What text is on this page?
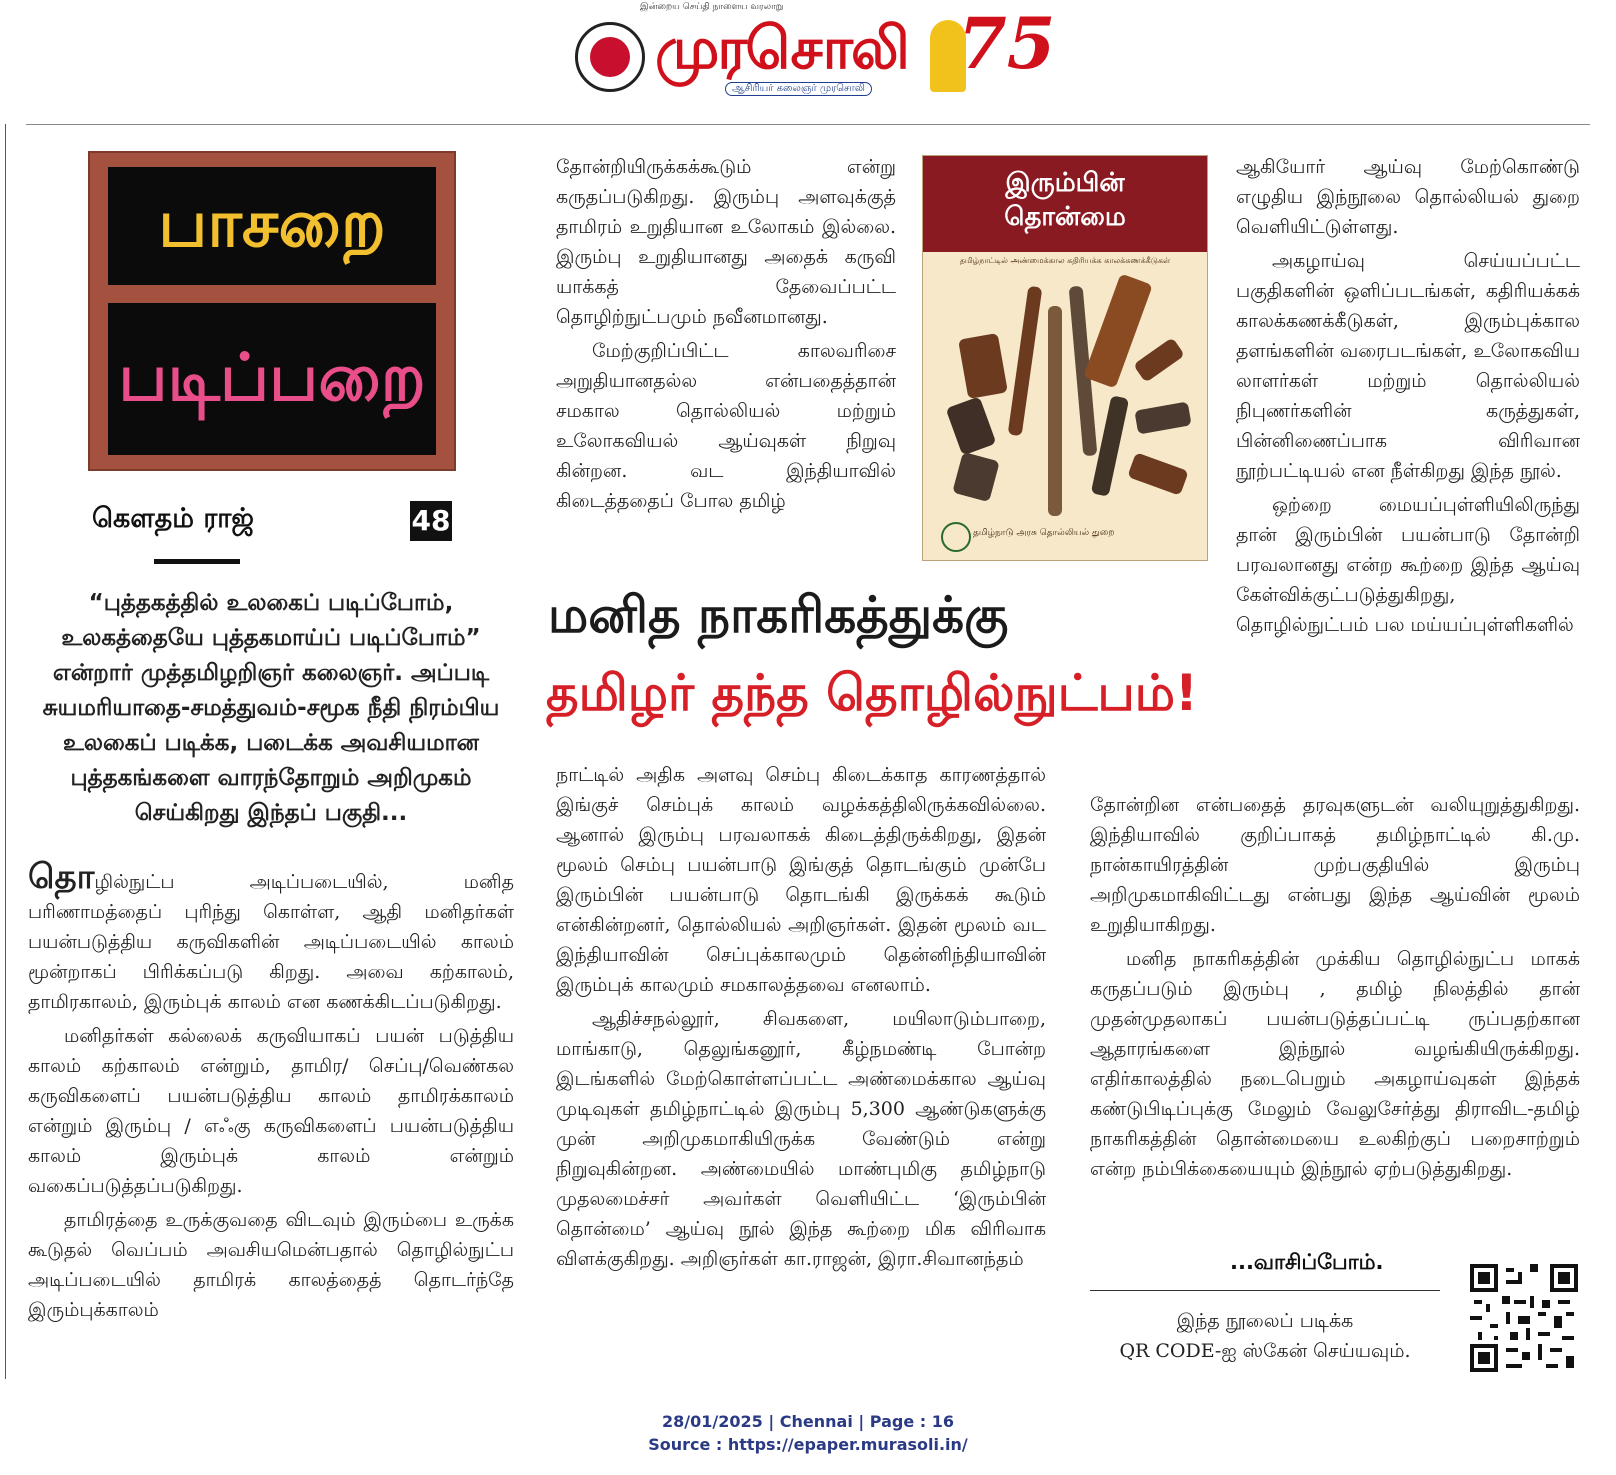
இன்றைய செய்தி நாளைய வரலாறு
முரசொலி
ஆசிரியர் கலைஞர் முரசொலி
75
பாசறை
படிப்பறை
கௌதம் ராஜ்	48
“புத்தகத்தில் உலகைப் படிப்போம், உலகத்தையே புத்தகமாய்ப் படிப்போம்” என்றார் முத்தமிழறிஞர் கலைஞர். அப்படி சுயமரியாதை-சமத்துவம்-சமூக நீதி நிரம்பிய உலகைப் படிக்க, படைக்க அவசியமான புத்தகங்களை வாரந்தோறும் அறிமுகம் செய்கிறது இந்தப் பகுதி...

தொழில்நுட்ப அடிப்படையில், மனித பரிணாமத்தைப் புரிந்து கொள்ள, ஆதி மனிதர்கள் பயன்படுத்திய கருவிகளின் அடிப்படையில் காலம் மூன்றாகப் பிரிக்கப்படு கிறது. அவை கற்காலம், தாமிரகாலம், இரும்புக் காலம் என கணக்கிடப்படுகிறது.

மனிதர்கள் கல்லைக் கருவியாகப் பயன் படுத்திய காலம் கற்காலம் என்றும், தாமிர/ செப்பு/வெண்கல கருவிகளைப் பயன்படுத்திய காலம் தாமிரக்காலம் என்றும் இரும்பு / எஃகு கருவிகளைப் பயன்படுத்திய காலம் இரும்புக் காலம் என்றும் வகைப்படுத்தப்படுகிறது.

தாமிரத்தை உருக்குவதை விடவும் இரும்பை உருக்க கூடுதல் வெப்பம் அவசியமென்பதால் தொழில்நுட்ப அடிப்படையில் தாமிரக் காலத்தைத் தொடர்ந்தே இரும்புக்காலம்

தோன்றியிருக்கக்கூடும் என்று கருதப்படுகிறது. இரும்பு அளவுக்குத் தாமிரம் உறுதியான உலோகம் இல்லை. இரும்பு உறுதியானது அதைக் கருவி யாக்கத் தேவைப்பட்ட தொழிற்நுட்பமும் நவீனமானது.

மேற்குறிப்பிட்ட காலவரிசை அறுதியானதல்ல என்பதைத்தான் சமகால தொல்லியல் மற்றும் உலோகவியல் ஆய்வுகள் நிறுவு கின்றன. வட இந்தியாவில் கிடைத்ததைப் போல தமிழ்

இரும்பின்
தொன்மை
தமிழ்நாட்டில் அண்மைக்கால கதிரியக்க காலக்கணக்கீடுகள்
தமிழ்நாடு அரசு தொல்லியல் துறை

ஆகியோர் ஆய்வு மேற்கொண்டு எழுதிய இந்நூலை தொல்லியல் துறை வெளியிட்டுள்ளது.

அகழாய்வு செய்யப்பட்ட பகுதிகளின் ஒளிப்படங்கள், கதிரியக்கக் காலக்கணக்கீடுகள், இரும்புக்கால தளங்களின் வரைபடங்கள், உலோகவிய லாளர்கள் மற்றும் தொல்லியல் நிபுணர்களின் கருத்துகள், பின்னிணைப்பாக விரிவான நூற்பட்டியல் என நீள்கிறது இந்த நூல்.

ஒற்றை மையப்புள்ளியிலிருந்து தான் இரும்பின் பயன்பாடு தோன்றி பரவலானது என்ற கூற்றை இந்த ஆய்வு கேள்விக்குட்படுத்துகிறது, தொழில்நுட்பம் பல மய்யப்புள்ளிகளில்

மனித நாகரிகத்துக்கு
தமிழர் தந்த தொழில்நுட்பம்!

நாட்டில் அதிக அளவு செம்பு கிடைக்காத காரணத்தால் இங்குச் செம்புக் காலம் வழக்கத்திலிருக்கவில்லை. ஆனால் இரும்பு பரவலாகக் கிடைத்திருக்கிறது, இதன் மூலம் செம்பு பயன்பாடு இங்குத் தொடங்கும் முன்பே இரும்பின் பயன்பாடு தொடங்கி இருக்கக் கூடும் என்கின்றனர், தொல்லியல் அறிஞர்கள். இதன் மூலம் வட இந்தியாவின் செப்புக்காலமும் தென்னிந்தியாவின் இரும்புக் காலமும் சமகாலத்தவை எனலாம்.

ஆதிச்சநல்லூர், சிவகளை, மயிலாடும்பாறை, மாங்காடு, தெலுங்கனூர், கீழ்நமண்டி போன்ற இடங்களில் மேற்கொள்ளப்பட்ட அண்மைக்கால ஆய்வு முடிவுகள் தமிழ்நாட்டில் இரும்பு 5,300 ஆண்டுகளுக்கு முன் அறிமுகமாகியிருக்க வேண்டும் என்று நிறுவுகின்றன. அண்மையில் மாண்புமிகு தமிழ்நாடு முதலமைச்சர் அவர்கள் வெளியிட்ட ‘இரும்பின் தொன்மை’ ஆய்வு நூல் இந்த கூற்றை மிக விரிவாக விளக்குகிறது. அறிஞர்கள் கா.ராஜன், இரா.சிவானந்தம்

தோன்றின என்பதைத் தரவுகளுடன் வலியுறுத்துகிறது. இந்தியாவில் குறிப்பாகத் தமிழ்நாட்டில் கி.மு. நான்காயிரத்தின் முற்பகுதியில் இரும்பு அறிமுகமாகிவிட்டது என்பது இந்த ஆய்வின் மூலம் உறுதியாகிறது.

மனித நாகரிகத்தின் முக்கிய தொழில்நுட்ப மாகக் கருதப்படும் இரும்பு , தமிழ் நிலத்தில் தான் முதன்முதலாகப் பயன்படுத்தப்பட்டி ருப்பதற்கான ஆதாரங்களை இந்நூல் வழங்கியிருக்கிறது. எதிர்காலத்தில் நடைபெறும் அகழாய்வுகள் இந்தக் கண்டுபிடிப்புக்கு மேலும் வேலுசேர்த்து திராவிட-தமிழ் நாகரிகத்தின் தொன்மையை உலகிற்குப் பறைசாற்றும் என்ற நம்பிக்கையையும் இந்நூல் ஏற்படுத்துகிறது.

...வாசிப்போம்.
இந்த நூலைப் படிக்க
QR CODE-ஐ ஸ்கேன் செய்யவும்.
28/01/2025 | Chennai | Page : 16
Source : https://epaper.murasoli.in/
